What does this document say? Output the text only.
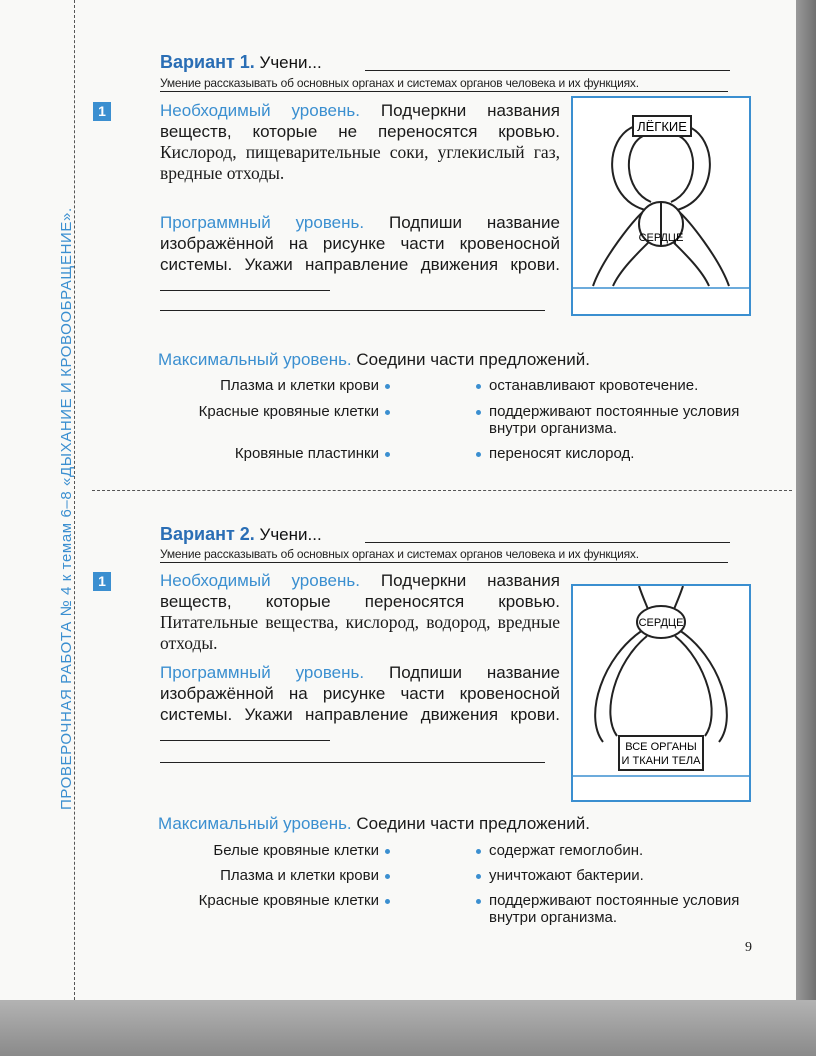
ПРОВЕРОЧНАЯ РАБОТА № 4 к темам 6–8 «ДЫХАНИЕ И КРОВООБРАЩЕНИЕ».
Вариант 1. Учени...
Умение рассказывать об основных органах и системах органов человека и их функциях.
1	Необходимый уровень. Подчеркни названия веществ, которые не переносятся кровью. Кислород, пищеварительные соки, углекислый газ, вредные отходы.
Программный уровень. Подпиши название изображённой на рисунке части кровеносной системы. Укажи направление движения крови.
ЛЁГКИЕ
СЕРДЦЕ
Максимальный уровень. Соедини части предложений.
Плазма и клетки крови
Красные кровяные клетки
Кровяные пластинки
останавливают кровотечение.
поддерживают постоянные условия внутри организма.
переносят кислород.
Вариант 2. Учени...
Умение рассказывать об основных органах и системах органов человека и их функциях.
1	Необходимый уровень. Подчеркни названия веществ, которые переносятся кровью. Питательные вещества, кислород, водород, вредные отходы.
Программный уровень. Подпиши название изображённой на рисунке части кровеносной системы. Укажи направление движения крови.
СЕРДЦЕ
ВСЕ ОРГАНЫ
И ТКАНИ ТЕЛА
Максимальный уровень. Соедини части предложений.
Белые кровяные клетки
Плазма и клетки крови
Красные кровяные клетки
содержат гемоглобин.
уничтожают бактерии.
поддерживают постоянные условия внутри организма.
9
